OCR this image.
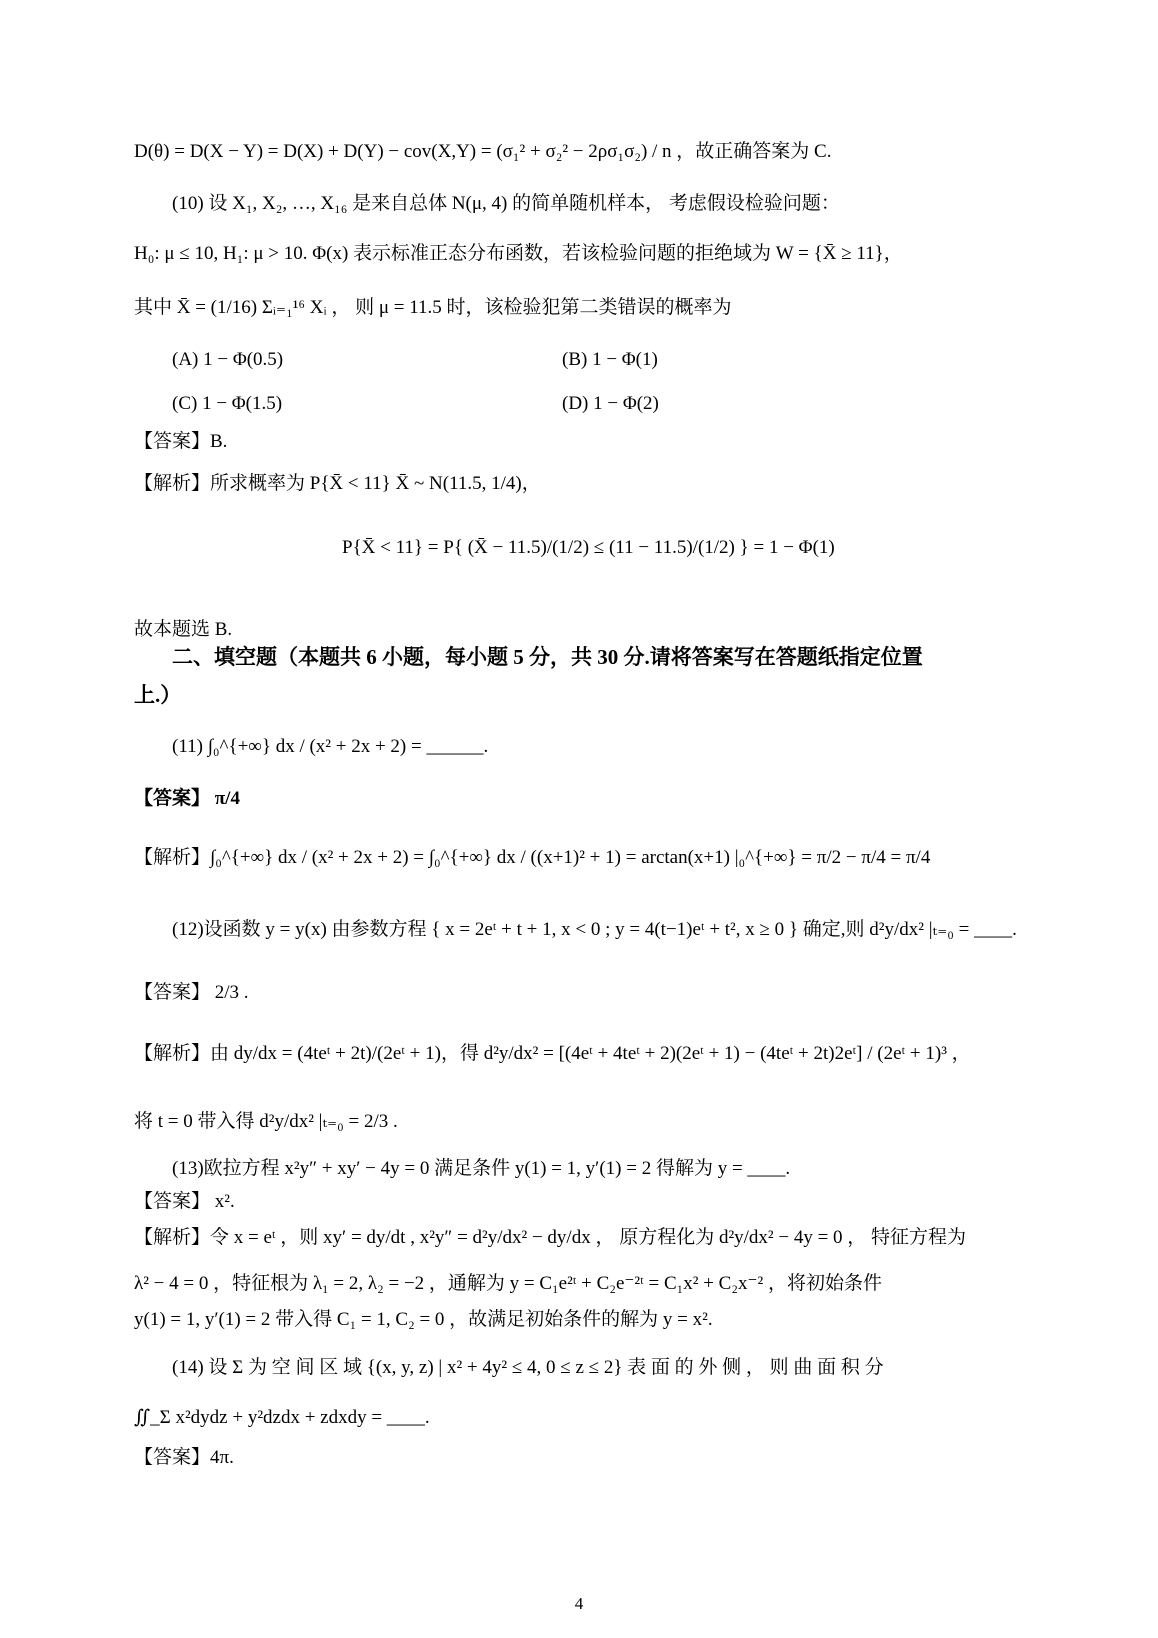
D(θ) = D(X − Y) = D(X) + D(Y) − cov(X,Y) = (σ₁² + σ₂² − 2ρσ₁σ₂) / n ，故正确答案为 C.
(10) 设 X₁, X₂, …, X₁₆ 是来自总体 N(μ, 4) 的简单随机样本， 考虑假设检验问题：
H₀: μ ≤ 10, H₁: μ > 10. Φ(x) 表示标准正态分布函数，若该检验问题的拒绝域为 W = {X̄ ≥ 11}，
其中 X̄ = (1/16) Σᵢ₌₁¹⁶ Xᵢ ， 则 μ = 11.5 时，该检验犯第二类错误的概率为
(A) 1 − Φ(0.5)	(B) 1 − Φ(1)
(C) 1 − Φ(1.5)	(D) 1 − Φ(2)
【答案】B.
【解析】所求概率为 P{X̄ < 11} X̄ ~ N(11.5, 1/4)，
P{X̄ < 11} = P{ (X̄ − 11.5)/(1/2) ≤ (11 − 11.5)/(1/2) } = 1 − Φ(1)
故本题选 B.
二、填空题（本题共 6 小题，每小题 5 分，共 30 分.请将答案写在答题纸指定位置
上.）
(11) ∫₀^{+∞} dx / (x² + 2x + 2) = ______.
【答案】 π/4
【解析】∫₀^{+∞} dx / (x² + 2x + 2) = ∫₀^{+∞} dx / ((x+1)² + 1) = arctan(x+1) |₀^{+∞} = π/2 − π/4 = π/4
(12)设函数 y = y(x) 由参数方程 { x = 2eᵗ + t + 1, x < 0 ; y = 4(t−1)eᵗ + t², x ≥ 0 } 确定,则 d²y/dx² |ₜ₌₀ = ____.
【答案】 2/3 .
【解析】由 dy/dx = (4teᵗ + 2t)/(2eᵗ + 1)，得 d²y/dx² = [(4eᵗ + 4teᵗ + 2)(2eᵗ + 1) − (4teᵗ + 2t)2eᵗ] / (2eᵗ + 1)³ ，
将 t = 0 带入得 d²y/dx² |ₜ₌₀ = 2/3 .
(13)欧拉方程 x²y″ + xy′ − 4y = 0 满足条件 y(1) = 1, y′(1) = 2 得解为 y = ____.
【答案】 x².
【解析】令 x = eᵗ ，则 xy′ = dy/dt , x²y″ = d²y/dx² − dy/dx ， 原方程化为 d²y/dx² − 4y = 0 ， 特征方程为
λ² − 4 = 0 ，特征根为 λ₁ = 2, λ₂ = −2 ，通解为 y = C₁e²ᵗ + C₂e⁻²ᵗ = C₁x² + C₂x⁻² ，将初始条件
y(1) = 1, y′(1) = 2 带入得 C₁ = 1, C₂ = 0 ，故满足初始条件的解为 y = x².
(14) 设 Σ 为 空 间 区 域 {(x, y, z) | x² + 4y² ≤ 4, 0 ≤ z ≤ 2} 表 面 的 外 侧 ， 则 曲 面 积 分
∬_Σ x²dydz + y²dzdx + zdxdy = ____.
【答案】4π.
4
